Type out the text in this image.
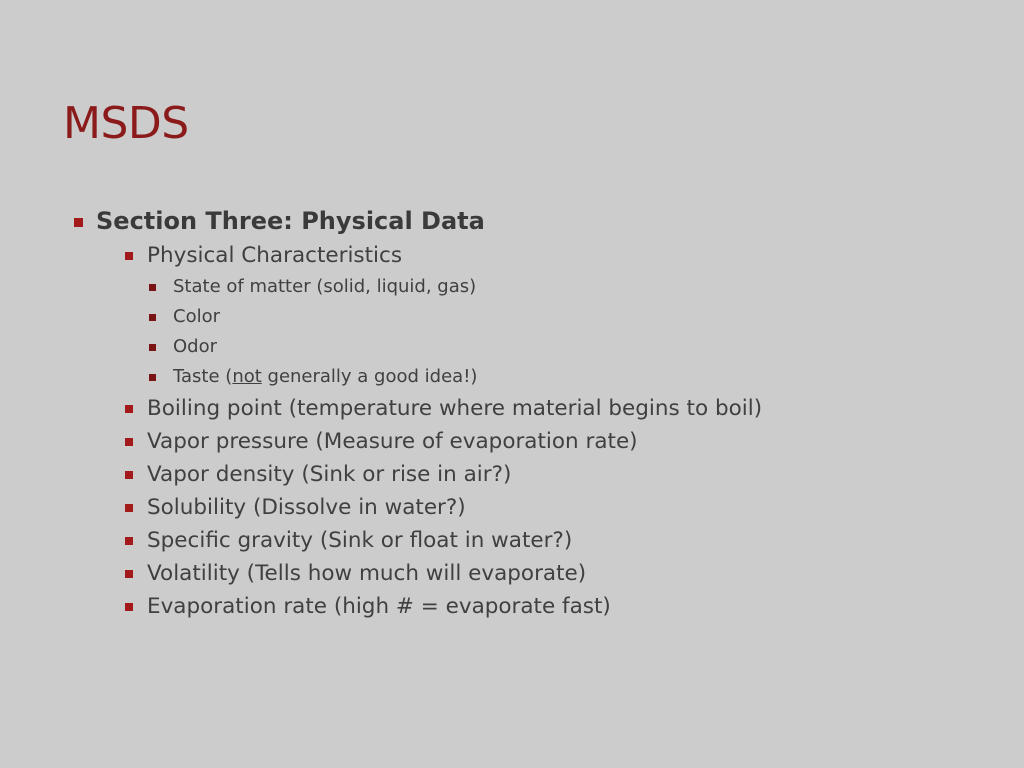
MSDS
Section Three: Physical Data
Physical Characteristics
State of matter (solid, liquid, gas)
Color
Odor
Taste (not generally a good idea!)
Boiling point (temperature where material begins to boil)
Vapor pressure (Measure of evaporation rate)
Vapor density (Sink or rise in air?)
Solubility (Dissolve in water?)
Specific gravity (Sink or float in water?)
Volatility (Tells how much will evaporate)
Evaporation rate (high # = evaporate fast)
